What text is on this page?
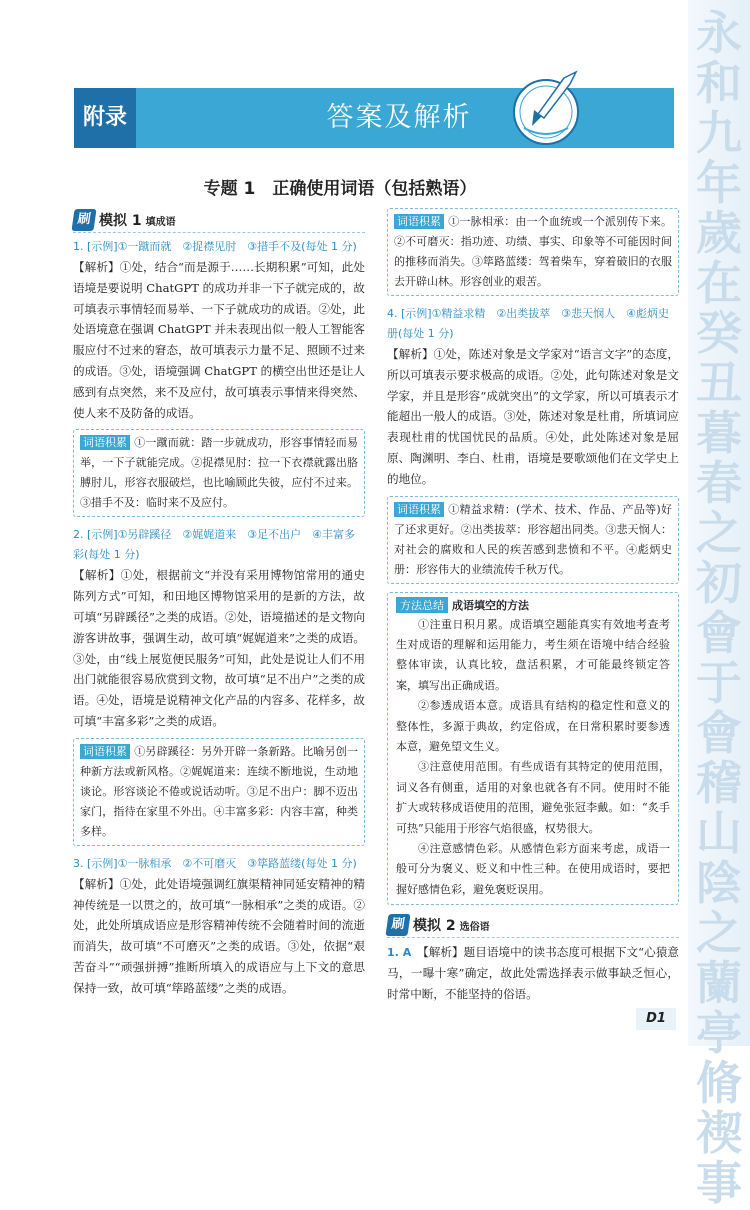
永和九年歲在癸丑暮春之初會于會稽山陰之蘭亭脩禊事
附录	答案及解析
专题 1　正确使用词语（包括熟语）
刷 模拟 1 填成语
1. [示例]①一蹴而就　②捉襟见肘　③措手不及(每处 1 分)

【解析】①处，结合“而是源于……长期积累”可知，此处语境是要说明 ChatGPT 的成功并非一下子就完成的，故可填表示事情轻而易举、一下子就成功的成语。②处，此处语境意在强调 ChatGPT 并未表现出似一般人工智能客服应付不过来的窘态，故可填表示力量不足、照顾不过来的成语。③处，语境强调 ChatGPT 的横空出世还是让人感到有点突然，来不及应付，故可填表示事情来得突然、使人来不及防备的成语。

词语积累 ①一蹴而就：踏一步就成功，形容事情轻而易举，一下子就能完成。②捉襟见肘：拉一下衣襟就露出胳膊肘儿，形容衣服破烂，也比喻顾此失彼，应付不过来。③措手不及：临时来不及应付。

2. [示例]①另辟蹊径　②娓娓道来　③足不出户　④丰富多彩(每处 1 分)

【解析】①处，根据前文“并没有采用博物馆常用的通史陈列方式”可知，和田地区博物馆采用的是新的方法，故可填“另辟蹊径”之类的成语。②处，语境描述的是文物向游客讲故事，强调生动，故可填“娓娓道来”之类的成语。③处，由“线上展览便民服务”可知，此处是说让人们不用出门就能很容易欣赏到文物，故可填“足不出户”之类的成语。④处，语境是说精神文化产品的内容多、花样多，故可填“丰富多彩”之类的成语。

词语积累 ①另辟蹊径：另外开辟一条新路。比喻另创一种新方法或新风格。②娓娓道来：连续不断地说，生动地谈论。形容谈论不倦或说话动听。③足不出户：脚不迈出家门，指待在家里不外出。④丰富多彩：内容丰富，种类多样。

3. [示例]①一脉相承　②不可磨灭　③筚路蓝缕(每处 1 分)

【解析】①处，此处语境强调红旗渠精神同延安精神的精神传统是一以贯之的，故可填“一脉相承”之类的成语。②处，此处所填成语应是形容精神传统不会随着时间的流逝而消失，故可填“不可磨灭”之类的成语。③处，依据“艰苦奋斗”“顽强拼搏”推断所填入的成语应与上下文的意思保持一致，故可填“筚路蓝缕”之类的成语。

词语积累 ①一脉相承：由一个血统或一个派别传下来。②不可磨灭：指功迹、功绩、事实、印象等不可能因时间的推移而消失。③筚路蓝缕：驾着柴车，穿着破旧的衣服去开辟山林。形容创业的艰苦。

4. [示例]①精益求精　②出类拔萃　③悲天悯人　④彪炳史册(每处 1 分)

【解析】①处，陈述对象是文学家对“语言文字”的态度，所以可填表示要求极高的成语。②处，此句陈述对象是文学家，并且是形容“成就突出”的文学家，所以可填表示才能超出一般人的成语。③处，陈述对象是杜甫，所填词应表现杜甫的忧国忧民的品质。④处，此处陈述对象是屈原、陶渊明、李白、杜甫，语境是要歌颂他们在文学史上的地位。

词语积累 ①精益求精：(学术、技术、作品、产品等)好了还求更好。②出类拔萃：形容超出同类。③悲天悯人：对社会的腐败和人民的疾苦感到悲愤和不平。④彪炳史册：形容伟大的业绩流传千秋万代。

方法总结 成语填空的方法

①注重日积月累。成语填空题能真实有效地考查考生对成语的理解和运用能力，考生须在语境中结合经验整体审读，认真比较，盘活积累，才可能最终锁定答案，填写出正确成语。

②参透成语本意。成语具有结构的稳定性和意义的整体性，多源于典故，约定俗成，在日常积累时要参透本意，避免望文生义。

③注意使用范围。有些成语有其特定的使用范围，词义各有侧重，适用的对象也就各有不同。使用时不能扩大或转移成语使用的范围，避免张冠李戴。如：“炙手可热”只能用于形容气焰很盛，权势很大。

④注意感情色彩。从感情色彩方面来考虑，成语一般可分为褒义、贬义和中性三种。在使用成语时，要把握好感情色彩，避免褒贬误用。

刷 模拟 2 选俗语

1. A　 【解析】题目语境中的读书态度可根据下文“心猿意马，一曝十寒”确定，故此处需选择表示做事缺乏恒心，时常中断，不能坚持的俗语。

D1
